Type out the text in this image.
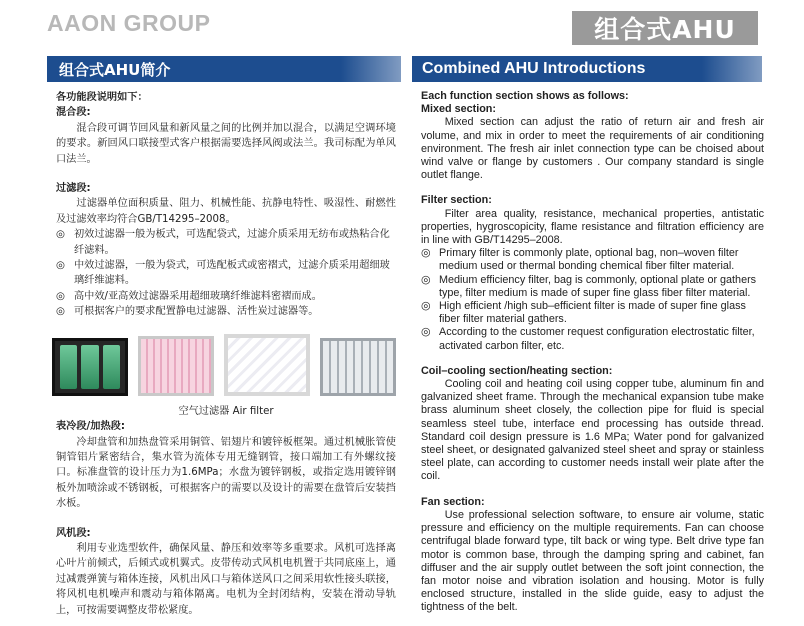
AAON GROUP	组合式AHU
组合式AHU简介	Combined AHU Introductions
各功能段说明如下：
混合段:
混合段可调节回风量和新风量之间的比例并加以混合，以满足空调环境的要求。新回风口联接型式客户根据需要选择风阀或法兰。我司标配为单风口法兰。
过滤段:
过滤器单位面积质量、阻力、机械性能、抗静电特性、吸湿性、耐燃性及过滤效率均符合GB/T14295–2008。
◎ 初效过滤器一般为板式，可选配袋式，过滤介质采用无纺布或热粘合化纤滤料。
◎ 中效过滤器，一般为袋式，可选配板式或密褶式，过滤介质采用超细玻璃纤维滤料。
◎ 高中效/亚高效过滤器采用超细玻璃纤维滤料密褶而成。
◎ 可根据客户的要求配置静电过滤器、活性炭过滤器等。
空气过滤器 Air filter
表冷段/加热段:
冷却盘管和加热盘管采用铜管、铝翅片和镀锌板框架。通过机械胀管使铜管铝片紧密结合，集水管为流体专用无缝钢管，接口端加工有外螺纹接口。标准盘管的设计压力为1.6MPa；水盘为镀锌钢板，或指定选用镀锌钢板外加喷涂或不锈钢板，可根据客户的需要以及设计的需要在盘管后安装挡水板。
风机段:
利用专业选型软件，确保风量、静压和效率等多重要求。风机可选择离心叶片前倾式，后倾式或机翼式。皮带传动式风机电机置于共同底座上，通过减震弹簧与箱体连接，风机出风口与箱体送风口之间采用软性接头联接，将风机电机噪声和震动与箱体隔离。电机为全封闭结构，安装在滑动导轨上，可按需要调整皮带松紧度。
Each function section shows as follows:
Mixed section:
Mixed section can adjust the ratio of return air and fresh air volume, and mix in order to meet the requirements of air conditioning environment. The fresh air inlet connection type can be choised about wind valve or flange by customers . Our company standard is single outlet flange.
Filter section:
Filter area quality, resistance, mechanical properties, antistatic properties, hygroscopicity, flame resistance and filtration efficiency are in line with GB/T14295–2008.
◎ Primary filter is commonly plate, optional bag, non–woven filter medium used or thermal bonding chemical fiber filter material.
◎ Medium efficiency filter, bag is commonly, optional plate or gathers type, filter medium is made of super fine glass fiber filter material.
◎ High efficient /high sub–efficient filter is made of super fine glass fiber filter material gathers.
◎ According to the customer request configuration electrostatic filter, activated carbon filter, etc.
Coil–cooling section/heating section:
Cooling coil and heating coil using copper tube, aluminum fin and galvanized sheet frame. Through the mechanical expansion tube make brass aluminum sheet closely, the collection pipe for fluid is special seamless steel tube, interface end processing has outside thread. Standard coil design pressure is 1.6 MPa; Water pond for galvanized steel sheet, or designated galvanized steel sheet and spray or stainless steel plate, can according to customer needs install weir plate after the coil.
Fan section:
Use professional selection software, to ensure air volume, static pressure and efficiency on the multiple requirements. Fan can choose centrifugal blade forward type, tilt back or wing type. Belt drive type fan motor is common base, through the damping spring and cabinet, fan diffuser and the air supply outlet between the soft joint connection, the fan motor noise and vibration isolation and housing. Motor is fully enclosed structure, installed in the slide guide, easy to adjust the tightness of the belt.
